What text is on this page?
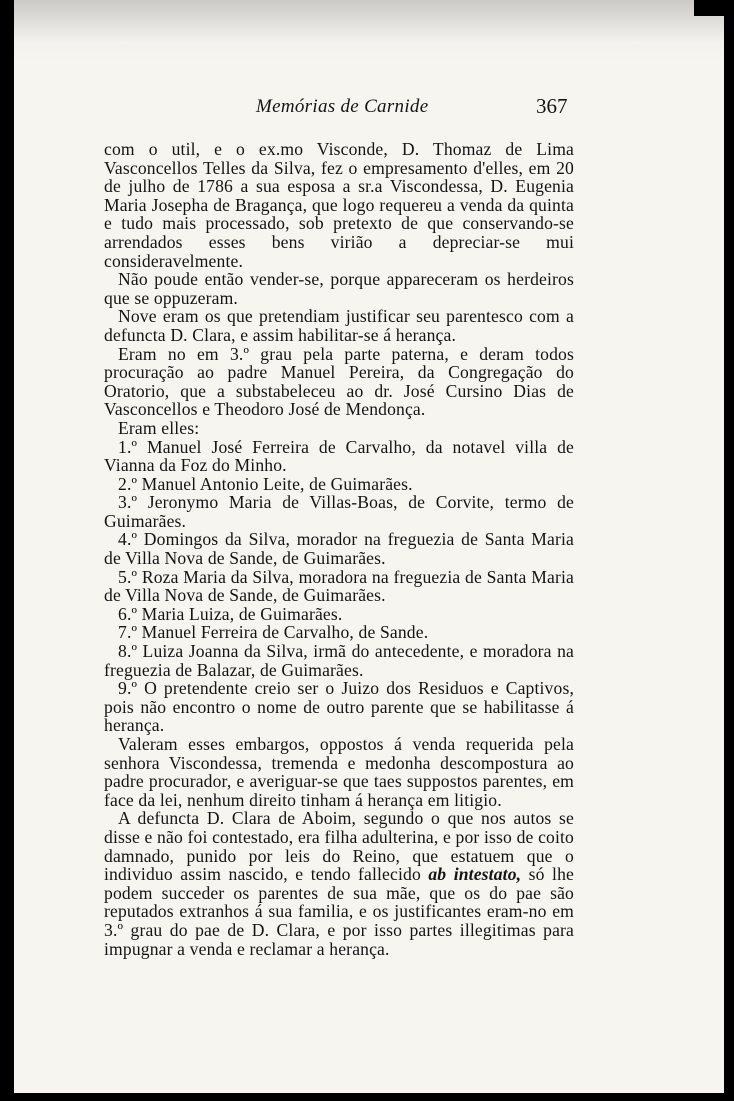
Memórias de Carnide	367

com o util, e o ex.mo Visconde, D. Thomaz de Lima Vasconcellos Telles da Silva, fez o empresamento d'elles, em 20 de julho de 1786 a sua esposa a sr.a Viscondessa, D. Eugenia Maria Josepha de Bragança, que logo requereu a venda da quinta e tudo mais processado, sob pretexto de que conservando-se arrendados esses bens virião a depreciar-se mui consideravelmente.

Não poude então vender-se, porque appareceram os herdeiros que se oppuzeram.

Nove eram os que pretendiam justificar seu parentesco com a defuncta D. Clara, e assim habilitar-se á herança.

Eram no em 3.º grau pela parte paterna, e deram todos procuração ao padre Manuel Pereira, da Congregação do Oratorio, que a substabeleceu ao dr. José Cursino Dias de Vasconcellos e Theodoro José de Mendonça.

Eram elles:

1.º Manuel José Ferreira de Carvalho, da notavel villa de Vianna da Foz do Minho.

2.º Manuel Antonio Leite, de Guimarães.

3.º Jeronymo Maria de Villas-Boas, de Corvite, termo de Guimarães.

4.º Domingos da Silva, morador na freguezia de Santa Maria de Villa Nova de Sande, de Guimarães.

5.º Roza Maria da Silva, moradora na freguezia de Santa Maria de Villa Nova de Sande, de Guimarães.

6.º Maria Luiza, de Guimarães.

7.º Manuel Ferreira de Carvalho, de Sande.

8.º Luiza Joanna da Silva, irmã do antecedente, e moradora na freguezia de Balazar, de Guimarães.

9.º O pretendente creio ser o Juizo dos Residuos e Captivos, pois não encontro o nome de outro parente que se habilitasse á herança.

Valeram esses embargos, oppostos á venda requerida pela senhora Viscondessa, tremenda e medonha descompostura ao padre procurador, e averiguar-se que taes suppostos parentes, em face da lei, nenhum direito tinham á herança em litigio.

A defuncta D. Clara de Aboim, segundo o que nos autos se disse e não foi contestado, era filha adulterina, e por isso de coito damnado, punido por leis do Reino, que estatuem que o individuo assim nascido, e tendo fallecido ab intestato, só lhe podem succeder os parentes de sua mãe, que os do pae são reputados extranhos á sua familia, e os justificantes eram-no em 3.º grau do pae de D. Clara, e por isso partes illegitimas para impugnar a venda e reclamar a herança.
